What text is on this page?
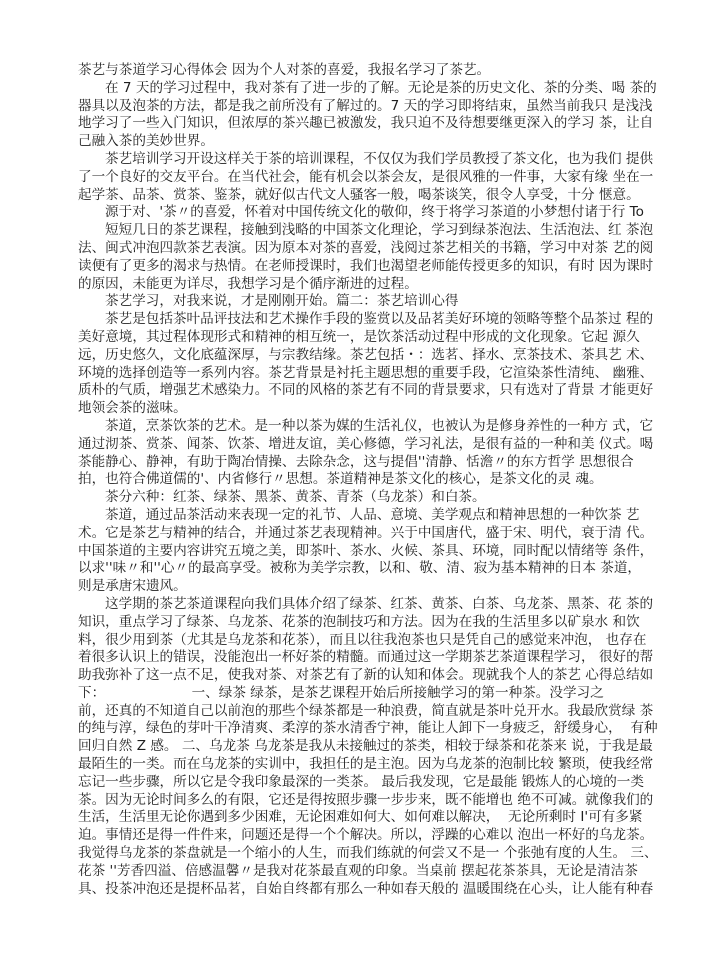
茶艺与茶道学习心得体会 因为个人对茶的喜爱，我报名学习了茶艺。
在 7 天的学习过程中，我对茶有了进一步的了解。无论是茶的历史文化、茶的分类、喝 茶的
器具以及泡茶的方法，都是我之前所没有了解过的。7 天的学习即将结束，虽然当前我只 是浅浅
地学习了一些入门知识，但浓厚的茶兴趣已被激发，我只迫不及待想要继更深入的学习 茶，让自
己融入茶的美妙世界。
茶艺培训学习开设这样关于茶的培训课程，不仅仅为我们学员教授了茶文化，也为我们 提供
了一个良好的交友平台。在当代社会，能有机会以茶会友，是很风雅的一件事，大家有缘 坐在一
起学茶、品茶、赏茶、鉴茶，就好似古代文人骚客一般，喝茶谈笑，很令人享受，十分 惬意。
源于对、'茶〃的喜爱，怀着对中国传统文化的敬仰，终于将学习茶道的小梦想付诸于行 To
短短几日的茶艺课程，接触到浅略的中国茶文化理论，学习到绿茶泡法、生活泡法、红 茶泡
法、闽式冲泡四款茶艺表演。因为原本对茶的喜爱，浅阅过茶艺相关的书籍，学习中对茶 艺的阅
读便有了更多的渴求与热情。在老师授课时，我们也渴望老师能传授更多的知识，有时 因为课时
的原因，未能更为详尽，我想学习是个循序渐进的过程。
茶艺学习，对我来说，才是刚刚开始。篇二：茶艺培训心得
茶艺是包括茶叶品评技法和艺术操作手段的鉴赏以及品茗美好环境的领略等整个品茶过 程的
美好意境，其过程体现形式和精神的相互统一，是饮茶活动过程中形成的文化现象。它起 源久
远，历史悠久，文化底蕴深厚，与宗教结缘。茶艺包括・：选茗、择水、烹茶技术、茶具艺 术、
环境的选择创造等一系列内容。茶艺背景是衬托主题思想的重要手段，它渲染茶性清纯、 幽雅、
质朴的气质，增强艺术感染力。不同的风格的茶艺有不同的背景要求，只有选对了背景 才能更好
地领会茶的滋味。
茶道，烹茶饮茶的艺术。是一种以茶为媒的生活礼仪，也被认为是修身养性的一种方 式，它
通过沏茶、赏茶、闻茶、饮茶、增进友谊，美心修德，学习礼法，是很有益的一种和美 仪式。喝
茶能静心、静神，有助于陶冶情操、去除杂念，这与提倡''清静、恬澹〃的东方哲学 思想很合
拍，也符合佛道儒的'、内省修行〃思想。茶道精神是茶文化的核心，是茶文化的灵 魂。
茶分六种：红茶、绿茶、黑茶、黄茶、青茶（乌龙茶）和白茶。
茶道，通过品茶活动来表现一定的礼节、人品、意境、美学观点和精神思想的一种饮茶 艺
术。它是茶艺与精神的结合，并通过茶艺表现精神。兴于中国唐代，盛于宋、明代，衰于清 代。
中国茶道的主要内容讲究五境之美，即茶叶、茶水、火候、茶具、环境，同时配以情绪等 条件，
以求''味〃和''心〃的最高享受。被称为美学宗教，以和、敬、清、寂为基本精神的日本 茶道，
则是承唐宋遗风。
这学期的茶艺茶道课程向我们具体介绍了绿茶、红茶、黄茶、白茶、乌龙茶、黑茶、花 茶的
知识，重点学习了绿茶、乌龙茶、花茶的泡制技巧和方法。因为在我的生活里多以矿泉水 和饮
料，很少用到茶（尤其是乌龙茶和花茶），而且以往我泡茶也只是凭自己的感觉来冲泡， 也存在
着很多认识上的错误，没能泡出一杯好茶的精髓。而通过这一学期茶艺茶道课程学习， 很好的帮
助我弥补了这一点不足，使我对茶、对茶艺有了新的认知和体会。现就我个人的茶艺 心得总结如
下：                    一、绿茶 绿茶，是茶艺课程开始后所接触学习的第一种茶。没学习之
前，还真的不知道自己以前泡的那些个绿茶都是一种浪费，简直就是茶叶兑开水。我最欣赏绿 茶
的纯与淳，绿色的芽叶干净清爽、柔淳的茶水清香宁神，能让人卸下一身疲乏，舒缓身心，  有种
回归自然 Z 感。 二、乌龙茶 乌龙茶是我从未接触过的茶类，相较于绿茶和花茶来 说，于我是最
最陌生的一类。而在乌龙茶的实训中，我担任的是主泡。因为乌龙茶的泡制比较 繁琐，使我经常
忘记一些步骤，所以它是令我印象最深的一类茶。 最后我发现，它是最能 锻炼人的心境的一类
茶。因为无论时间多么的有限，它还是得按照步骤一步步来，既不能增也 绝不可减。就像我们的
生活，生活里无论你遇到多少困难，无论困难如何大、如何难以解决，  无论所剩时 I'可有多紧
迫。事情还是得一件件来，问题还是得一个个解决。所以，浮躁的心难以 泡出一杯好的乌龙茶。
我觉得乌龙茶的茶盘就是一个缩小的人生，而我们练就的何尝又不是一 个张弛有度的人生。 三、
花茶 ''芳香四溢、倍感温馨〃是我对花茶最直观的印象。当桌前 摆起花茶茶具，无论是清洁茶
具、投茶冲泡还是提杯品茗，自始自终都有那么一种如春天般的 温暖围绕在心头，让人能有种春
